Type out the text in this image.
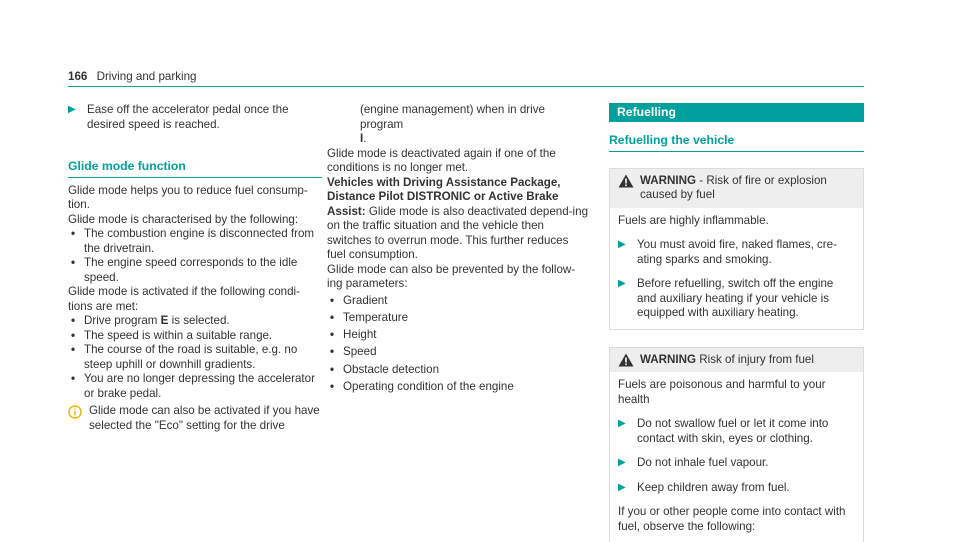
166 Driving and parking
▶ Ease off the accelerator pedal once the desired speed is reached.
Glide mode function

Glide mode helps you to reduce fuel consump-tion.

Glide mode is characterised by the following:

• The combustion engine is disconnected from the drivetrain.
• The engine speed corresponds to the idle speed.

Glide mode is activated if the following condi-tions are met:

• Drive program E is selected.
• The speed is within a suitable range.
• The course of the road is suitable, e.g. no steep uphill or downhill gradients.
• You are no longer depressing the accelerator or brake pedal.
Glide mode can also be activated if you have selected the "Eco" setting for the drive

(engine management) when in drive program
I.

Glide mode is deactivated again if one of the conditions is no longer met.

Vehicles with Driving Assistance Package, Distance Pilot DISTRONIC or Active Brake Assist: Glide mode is also deactivated depend-ing on the traffic situation and the vehicle then switches to overrun mode. This further reduces fuel consumption.

Glide mode can also be prevented by the follow-ing parameters:

• Gradient
• Temperature
• Height
• Speed
• Obstacle detection
• Operating condition of the engine
Refuelling
Refuelling the vehicle
WARNING - Risk of fire or explosion caused by fuel

Fuels are highly inflammable.

▶ You must avoid fire, naked flames, cre-ating sparks and smoking.
▶ Before refuelling, switch off the engine and auxiliary heating if your vehicle is equipped with auxiliary heating.
WARNING Risk of injury from fuel

Fuels are poisonous and harmful to your health

▶ Do not swallow fuel or let it come into contact with skin, eyes or clothing.
▶ Do not inhale fuel vapour.
▶ Keep children away from fuel.

If you or other people come into contact with fuel, observe the following:
